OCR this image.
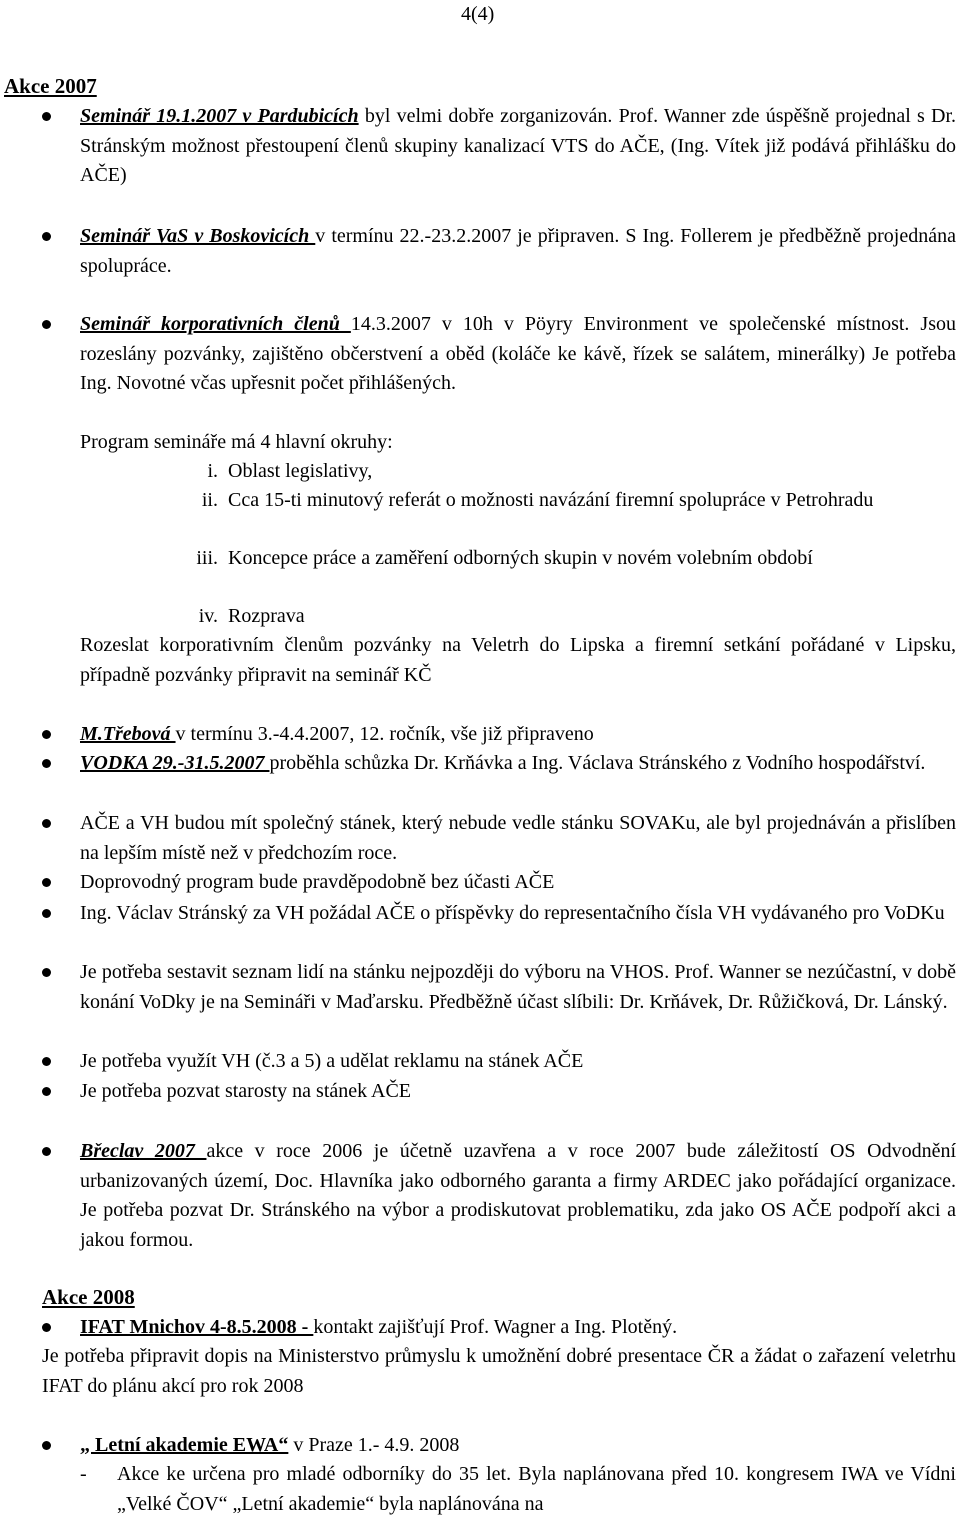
4(4)
Akce 2007
Seminář 19.1.2007 v Pardubicích byl velmi dobře zorganizován. Prof. Wanner zde úspěšně projednal s Dr. Stránským možnost přestoupení členů skupiny kanalizací VTS do AČE, (Ing. Vítek již podává přihlášku do AČE)
Seminář VaS v Boskovicích v termínu 22.-23.2.2007 je připraven. S Ing. Follerem je předběžně projednána spolupráce.
Seminář korporativních členů 14.3.2007 v 10h v Pöyry Environment ve společenské místnost. Jsou rozeslány pozvánky, zajištěno občerstvení a oběd (koláče ke kávě, řízek se salátem, minerálky) Je potřeba Ing. Novotné včas upřesnit počet přihlášených.
Program semináře má 4 hlavní okruhy:
i. Oblast legislativy,
ii. Cca 15-ti minutový referát o možnosti navázání firemní spolupráce v Petrohradu
iii. Koncepce práce a zaměření odborných skupin v novém volebním období
iv. Rozprava
Rozeslat korporativním členům pozvánky na Veletrh do Lipska a firemní setkání pořádané v Lipsku, případně pozvánky připravit na seminář KČ
M.Třebová v termínu 3.-4.4.2007, 12. ročník, vše již připraveno
VODKA 29.-31.5.2007 proběhla schůzka Dr. Krňávka a Ing. Václava Stránského z Vodního hospodářství.
AČE a VH budou mít společný stánek, který nebude vedle stánku SOVAKu, ale byl projednáván a přislíben na lepším místě než v předchozím roce.
Doprovodný program bude pravděpodobně bez účasti AČE
Ing. Václav Stránský za VH požádal AČE o příspěvky do representačního čísla VH vydávaného pro VoDKu
Je potřeba sestavit seznam lidí na stánku nejpozději do výboru na VHOS. Prof. Wanner se nezúčastní, v době konání VoDky je na Semináři v Maďarsku. Předběžně účast slíbili: Dr. Krňávek, Dr. Růžičková, Dr. Lánský.
Je potřeba využít VH (č.3 a 5) a udělat reklamu na stánek AČE
Je potřeba pozvat starosty na stánek AČE
Břeclav 2007 akce v roce 2006 je účetně uzavřena a v roce 2007 bude záležitostí OS Odvodnění urbanizovaných území, Doc. Hlavníka jako odborného garanta a firmy ARDEC jako pořádající organizace. Je potřeba pozvat Dr. Stránského na výbor a prodiskutovat problematiku, zda jako OS AČE podpoří akci a jakou formou.
Akce 2008
IFAT Mnichov 4-8.5.2008 - kontakt zajišťují Prof. Wagner a Ing. Plotěný.
Je potřeba připravit dopis na Ministerstvo průmyslu k umožnění dobré presentace ČR a žádat o zařazení veletrhu IFAT do plánu akcí pro rok 2008
„ Letní akademie EWA“ v Praze 1.- 4.9. 2008
- Akce ke určena pro mladé odborníky do 35 let. Byla naplánovana před 10. kongresem IWA ve Vídni „Velké ČOV“ „Letní akademie“ byla naplánována na
